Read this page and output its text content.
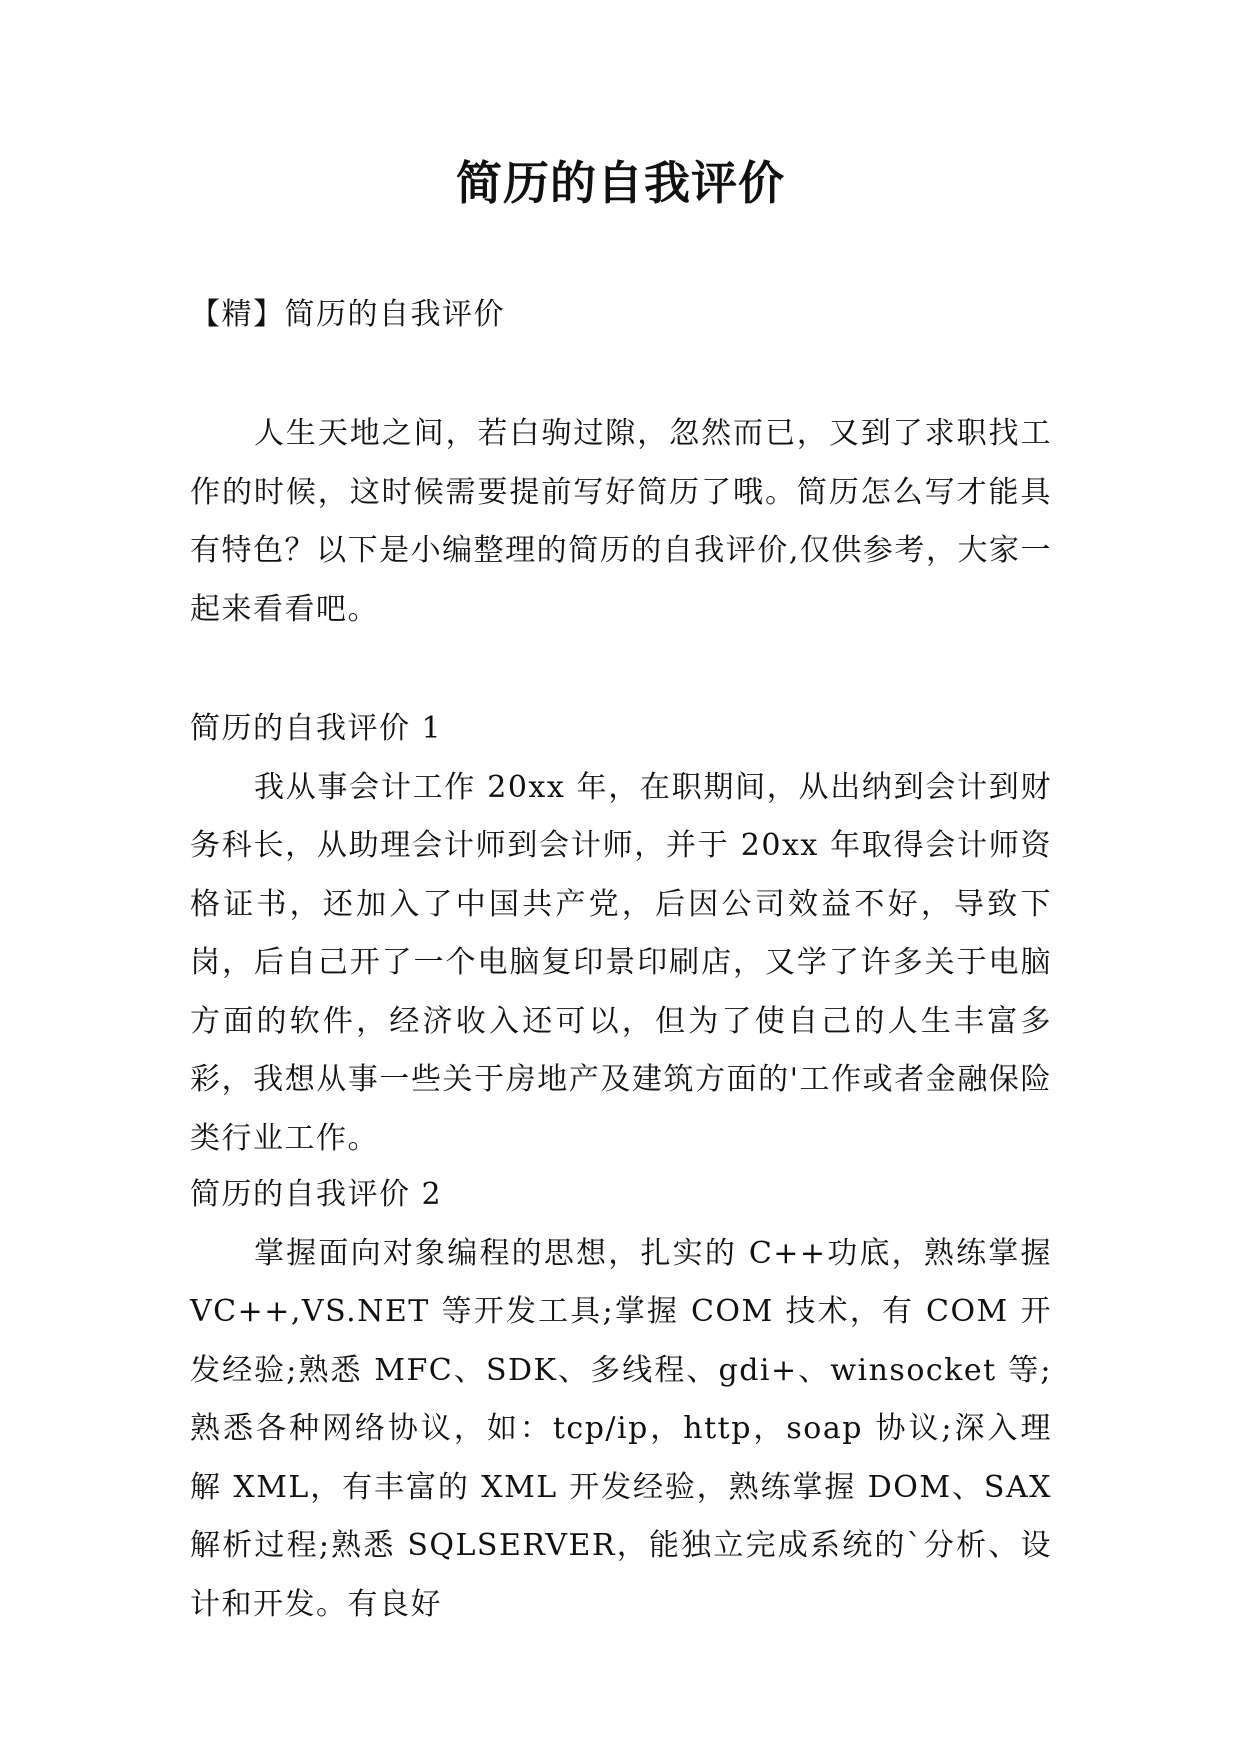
简历的自我评价

【精】简历的自我评价

人生天地之间，若白驹过隙，忽然而已，又到了求职找工作的时候，这时候需要提前写好简历了哦。简历怎么写才能具有特色？以下是小编整理的简历的自我评价,仅供参考，大家一起来看看吧。

简历的自我评价 1

我从事会计工作 20xx 年，在职期间，从出纳到会计到财务科长，从助理会计师到会计师，并于 20xx 年取得会计师资格证书，还加入了中国共产党，后因公司效益不好，导致下岗，后自己开了一个电脑复印景印刷店，又学了许多关于电脑方面的软件，经济收入还可以，但为了使自己的人生丰富多彩，我想从事一些关于房地产及建筑方面的'工作或者金融保险类行业工作。

简历的自我评价 2

掌握面向对象编程的思想，扎实的 C++功底，熟练掌握 VC++,VS.NET 等开发工具;掌握 COM 技术，有 COM 开发经验;熟悉 MFC、SDK、多线程、gdi+、winsocket 等;熟悉各种网络协议，如：tcp/ip，http，soap 协议;深入理解 XML，有丰富的 XML 开发经验，熟练掌握 DOM、SAX 解析过程;熟悉 SQLSERVER，能独立完成系统的`分析、设计和开发。有良好
